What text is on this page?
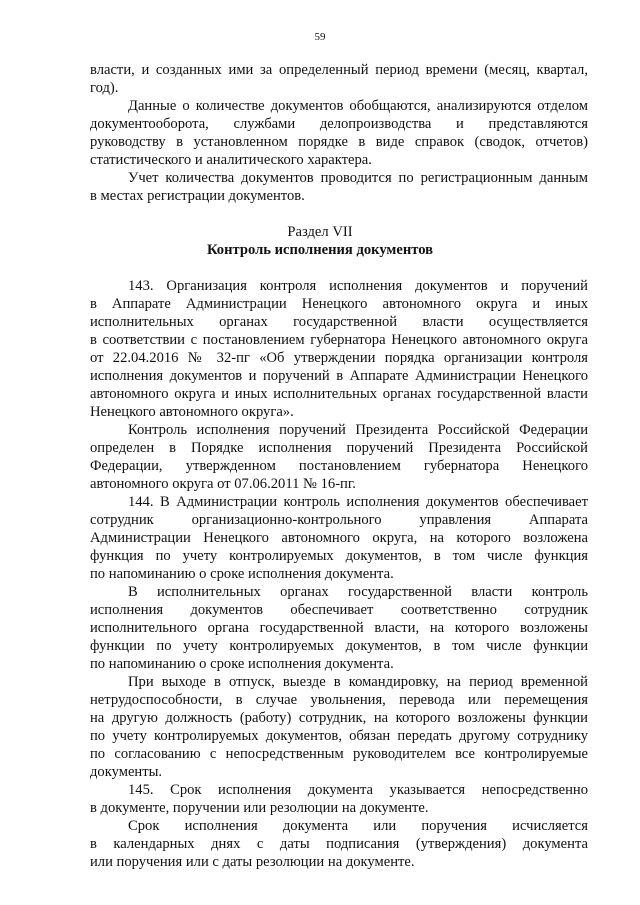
59
власти, и созданных ими за определенный период времени (месяц, квартал,
год).
Данные о количестве документов обобщаются, анализируются отделом
документооборота, службами делопроизводства и представляются
руководству в установленном порядке в виде справок (сводок, отчетов)
статистического и аналитического характера.
Учет количества документов проводится по регистрационным данным
в местах регистрации документов.
Раздел VII
Контроль исполнения документов
143. Организация контроля исполнения документов и поручений
в Аппарате Администрации Ненецкого автономного округа и иных
исполнительных органах государственной власти осуществляется
в соответствии с постановлением губернатора Ненецкого автономного округа
от 22.04.2016 № 32-пг «Об утверждении порядка организации контроля
исполнения документов и поручений в Аппарате Администрации Ненецкого
автономного округа и иных исполнительных органах государственной власти
Ненецкого автономного округа».
Контроль исполнения поручений Президента Российской Федерации
определен в Порядке исполнения поручений Президента Российской
Федерации, утвержденном постановлением губернатора Ненецкого
автономного округа от 07.06.2011 № 16-пг.
144. В Администрации контроль исполнения документов обеспечивает
сотрудник организационно-контрольного управления Аппарата
Администрации Ненецкого автономного округа, на которого возложена
функция по учету контролируемых документов, в том числе функция
по напоминанию о сроке исполнения документа.
В исполнительных органах государственной власти контроль
исполнения документов обеспечивает соответственно сотрудник
исполнительного органа государственной власти, на которого возложены
функции по учету контролируемых документов, в том числе функции
по напоминанию о сроке исполнения документа.
При выходе в отпуск, выезде в командировку, на период временной
нетрудоспособности, в случае увольнения, перевода или перемещения
на другую должность (работу) сотрудник, на которого возложены функции
по учету контролируемых документов, обязан передать другому сотруднику
по согласованию с непосредственным руководителем все контролируемые
документы.
145. Срок исполнения документа указывается непосредственно
в документе, поручении или резолюции на документе.
Срок исполнения документа или поручения исчисляется
в календарных днях с даты подписания (утверждения) документа
или поручения или с даты резолюции на документе.
